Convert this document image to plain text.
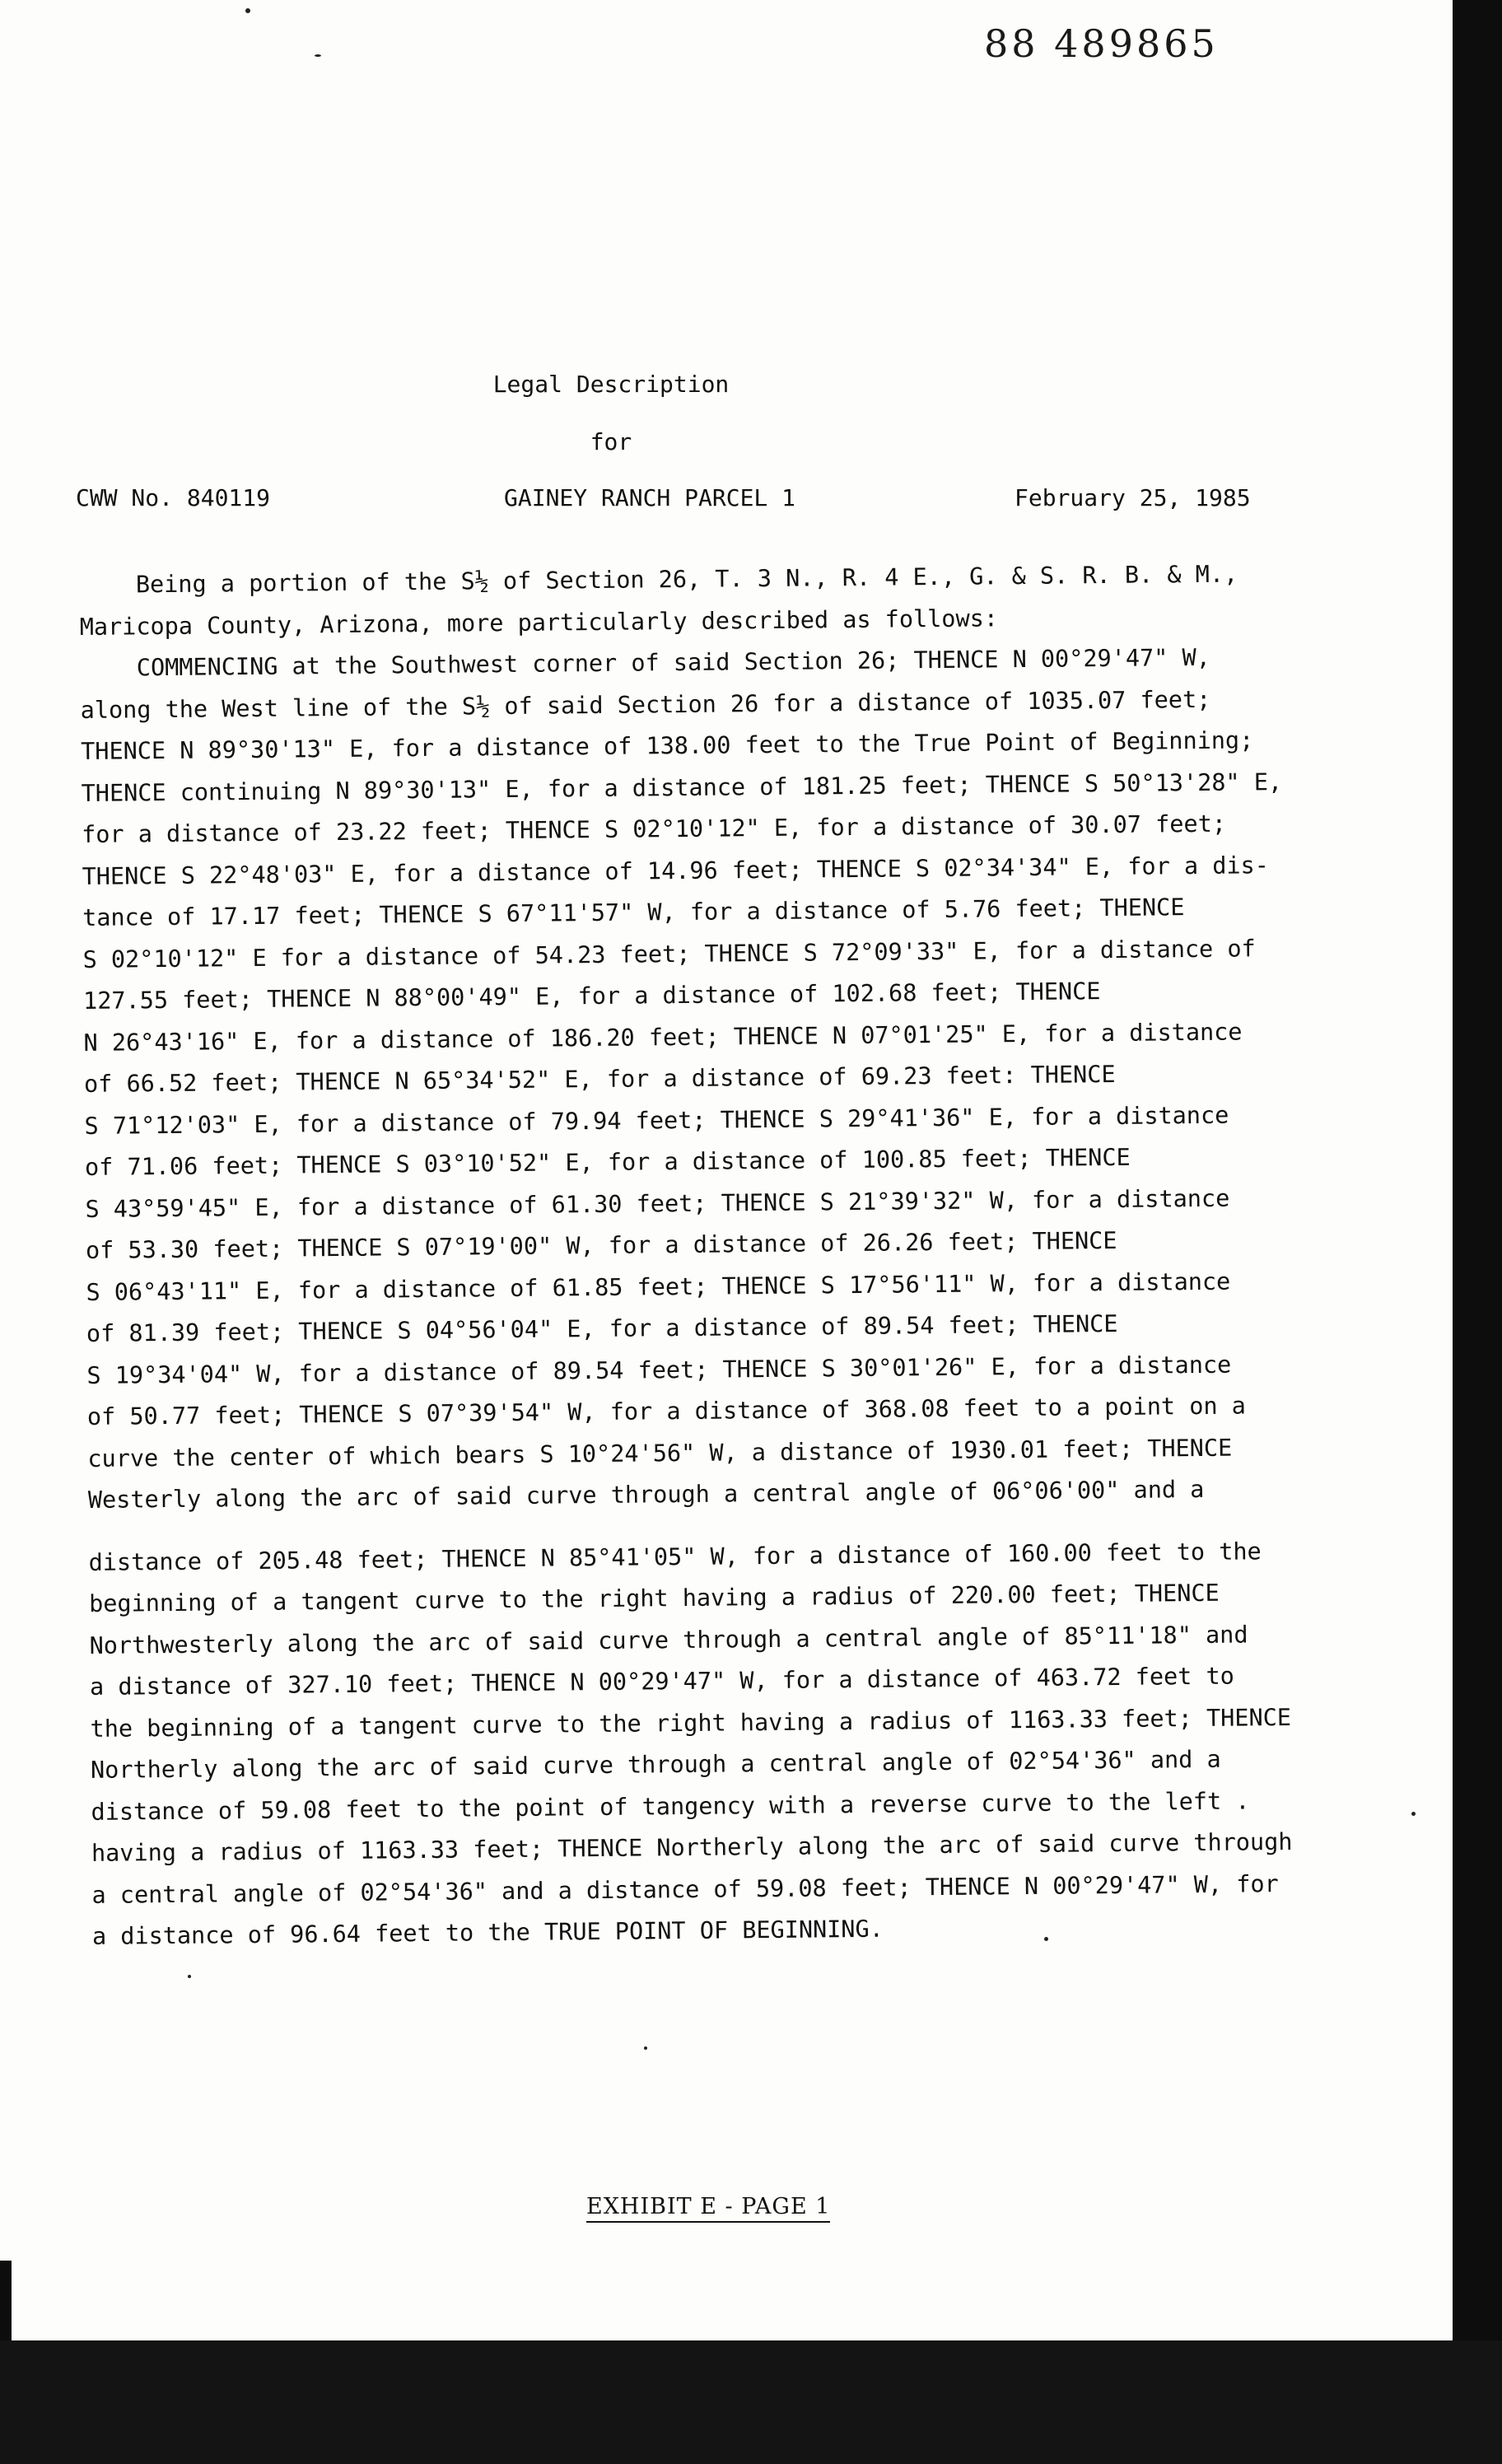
88 489865
Legal Description
for
CWW No. 840119	GAINEY RANCH PARCEL 1	February 25, 1985
Being a portion of the S½ of Section 26, T. 3 N., R. 4 E., G. & S. R. B. & M.,
Maricopa County, Arizona, more particularly described as follows:
COMMENCING at the Southwest corner of said Section 26; THENCE N 00°29'47" W,
along the West line of the S½ of said Section 26 for a distance of 1035.07 feet;
THENCE N 89°30'13" E, for a distance of 138.00 feet to the True Point of Beginning;
THENCE continuing N 89°30'13" E, for a distance of 181.25 feet; THENCE S 50°13'28" E,
for a distance of 23.22 feet; THENCE S 02°10'12" E, for a distance of 30.07 feet;
THENCE S 22°48'03" E, for a distance of 14.96 feet; THENCE S 02°34'34" E, for a dis-
tance of 17.17 feet; THENCE S 67°11'57" W, for a distance of 5.76 feet; THENCE
S 02°10'12" E for a distance of 54.23 feet; THENCE S 72°09'33" E, for a distance of
127.55 feet; THENCE N 88°00'49" E, for a distance of 102.68 feet; THENCE
N 26°43'16" E, for a distance of 186.20 feet; THENCE N 07°01'25" E, for a distance
of 66.52 feet; THENCE N 65°34'52" E, for a distance of 69.23 feet: THENCE
S 71°12'03" E, for a distance of 79.94 feet; THENCE S 29°41'36" E, for a distance
of 71.06 feet; THENCE S 03°10'52" E, for a distance of 100.85 feet; THENCE
S 43°59'45" E, for a distance of 61.30 feet; THENCE S 21°39'32" W, for a distance
of 53.30 feet; THENCE S 07°19'00" W, for a distance of 26.26 feet; THENCE
S 06°43'11" E, for a distance of 61.85 feet; THENCE S 17°56'11" W, for a distance
of 81.39 feet; THENCE S 04°56'04" E, for a distance of 89.54 feet; THENCE
S 19°34'04" W, for a distance of 89.54 feet; THENCE S 30°01'26" E, for a distance
of 50.77 feet; THENCE S 07°39'54" W, for a distance of 368.08 feet to a point on a
curve the center of which bears S 10°24'56" W, a distance of 1930.01 feet; THENCE
Westerly along the arc of said curve through a central angle of 06°06'00" and a
distance of 205.48 feet; THENCE N 85°41'05" W, for a distance of 160.00 feet to the
beginning of a tangent curve to the right having a radius of 220.00 feet; THENCE
Northwesterly along the arc of said curve through a central angle of 85°11'18" and
a distance of 327.10 feet; THENCE N 00°29'47" W, for a distance of 463.72 feet to
the beginning of a tangent curve to the right having a radius of 1163.33 feet; THENCE
Northerly along the arc of said curve through a central angle of 02°54'36" and a
distance of 59.08 feet to the point of tangency with a reverse curve to the left .
having a radius of 1163.33 feet; THENCE Northerly along the arc of said curve through
a central angle of 02°54'36" and a distance of 59.08 feet; THENCE N 00°29'47" W, for
a distance of 96.64 feet to the TRUE POINT OF BEGINNING.
EXHIBIT E - PAGE 1
